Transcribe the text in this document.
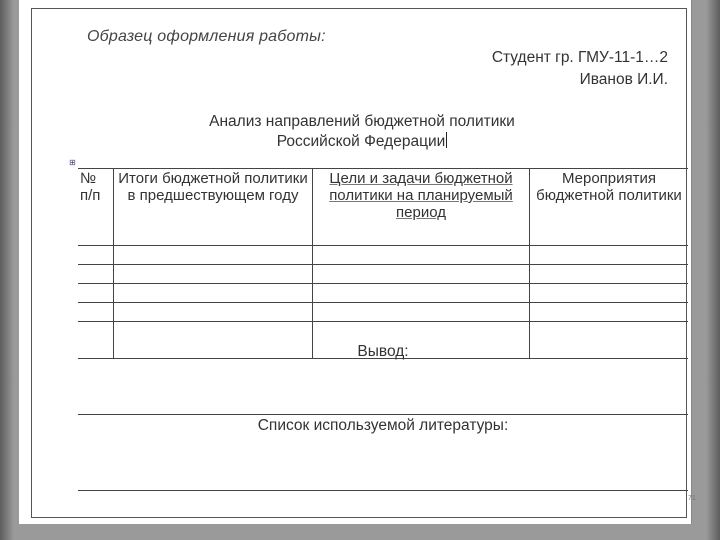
Образец оформления работы:
Студент гр. ГМУ-11-1…2
Иванов И.И.
Анализ направлений бюджетной политики
Российской Федерации
⊞
№ п/п	Итоги бюджетной политики в предшествующем году	Цели и задачи бюджетной политики на планируемый период	Мероприятия бюджетной политики

Вывод:
Список используемой литературы:
71
